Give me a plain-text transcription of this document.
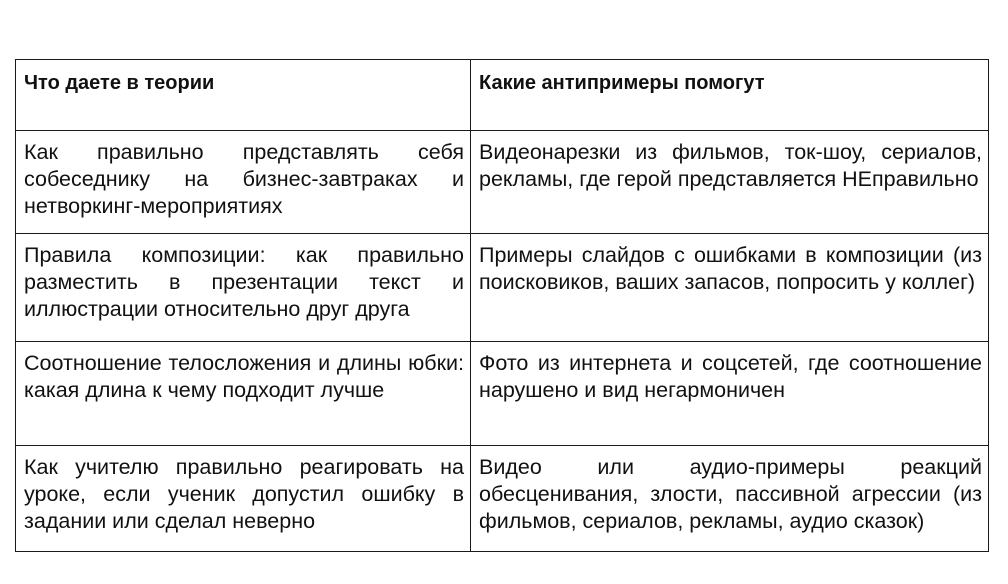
Что даете в теории	Какие антипримеры помогут
Как правильно представлять себя собеседнику на бизнес-завтраках и нетворкинг-мероприятиях	Видеонарезки из фильмов, ток-шоу, сериалов, рекламы, где герой представляется НЕправильно
Правила композиции: как правильно разместить в презентации текст и иллюстрации относительно друг друга	Примеры слайдов с ошибками в композиции (из поисковиков, ваших запасов, попросить у коллег)
Соотношение телосложения и длины юбки: какая длина к чему подходит лучше	Фото из интернета и соцсетей, где соотношение нарушено и вид негармоничен
Как учителю правильно реагировать на уроке, если ученик допустил ошибку в задании или сделал неверно	Видео или аудио-примеры реакций обесценивания, злости, пассивной агрессии (из фильмов, сериалов, рекламы, аудио сказок)
